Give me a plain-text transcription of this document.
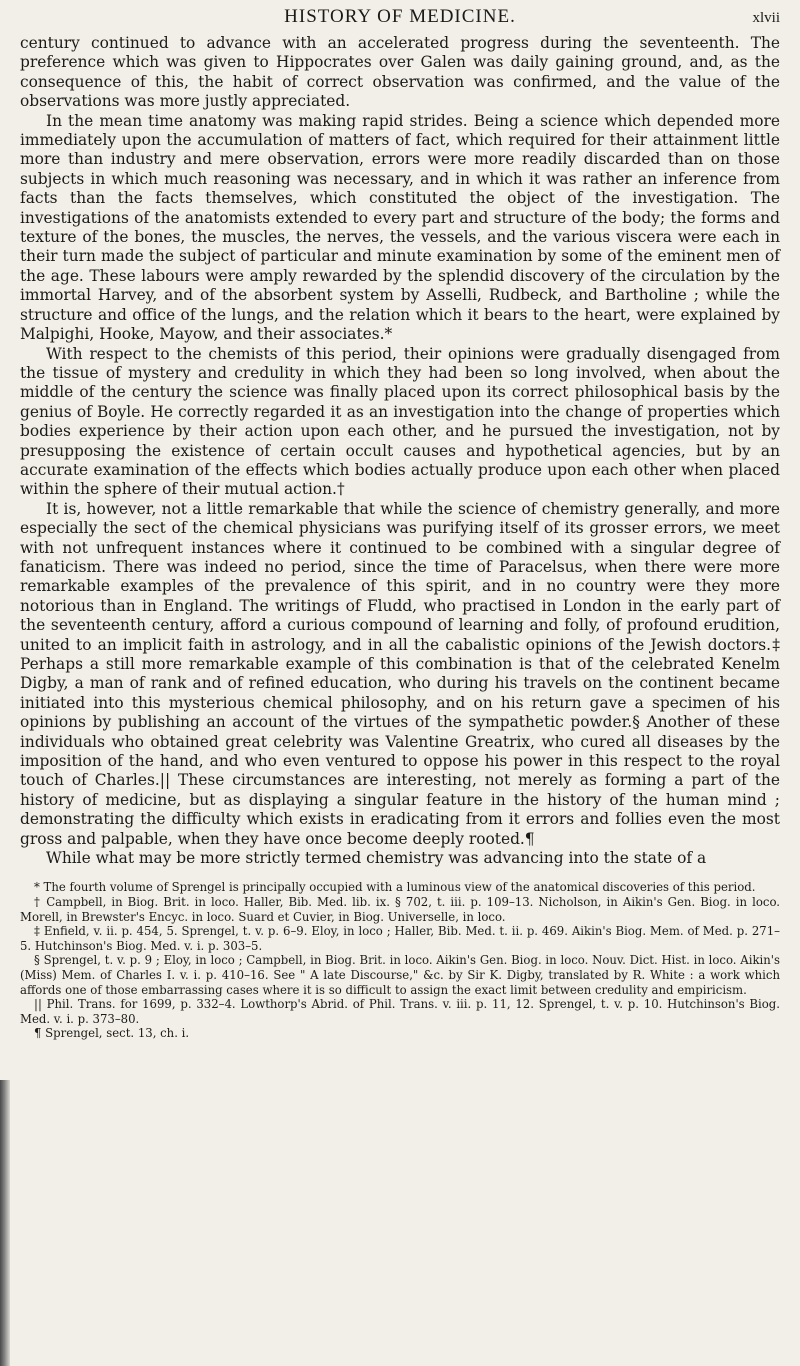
HISTORY OF MEDICINE.	xlvii

century continued to advance with an accelerated progress during the seventeenth. The preference which was given to Hippocrates over Galen was daily gaining ground, and, as the consequence of this, the habit of correct observation was confirmed, and the value of the observations was more justly appreciated.

In the mean time anatomy was making rapid strides. Being a science which depended more immediately upon the accumulation of matters of fact, which required for their attainment little more than industry and mere observation, errors were more readily discarded than on those subjects in which much reasoning was necessary, and in which it was rather an inference from facts than the facts themselves, which constituted the object of the investigation. The investigations of the anatomists extended to every part and structure of the body; the forms and texture of the bones, the muscles, the nerves, the vessels, and the various viscera were each in their turn made the subject of particular and minute examination by some of the eminent men of the age. These labours were amply rewarded by the splendid discovery of the circulation by the immortal Harvey, and of the absorbent system by Asselli, Rudbeck, and Bartholine ; while the structure and office of the lungs, and the relation which it bears to the heart, were explained by Malpighi, Hooke, Mayow, and their associates.*

With respect to the chemists of this period, their opinions were gradually disengaged from the tissue of mystery and credulity in which they had been so long involved, when about the middle of the century the science was finally placed upon its correct philosophical basis by the genius of Boyle. He correctly regarded it as an investigation into the change of properties which bodies experience by their action upon each other, and he pursued the investigation, not by presupposing the existence of certain occult causes and hypothetical agencies, but by an accurate examination of the effects which bodies actually produce upon each other when placed within the sphere of their mutual action.†

It is, however, not a little remarkable that while the science of chemistry generally, and more especially the sect of the chemical physicians was purifying itself of its grosser errors, we meet with not unfrequent instances where it continued to be combined with a singular degree of fanaticism. There was indeed no period, since the time of Paracelsus, when there were more remarkable examples of the prevalence of this spirit, and in no country were they more notorious than in England. The writings of Fludd, who practised in London in the early part of the seventeenth century, afford a curious compound of learning and folly, of profound erudition, united to an implicit faith in astrology, and in all the cabalistic opinions of the Jewish doctors.‡ Perhaps a still more remarkable example of this combination is that of the celebrated Kenelm Digby, a man of rank and of refined education, who during his travels on the continent became initiated into this mysterious chemical philosophy, and on his return gave a specimen of his opinions by publishing an account of the virtues of the sympathetic powder.§ Another of these individuals who obtained great celebrity was Valentine Greatrix, who cured all diseases by the imposition of the hand, and who even ventured to oppose his power in this respect to the royal touch of Charles.|| These circumstances are interesting, not merely as forming a part of the history of medicine, but as displaying a singular feature in the history of the human mind ; demonstrating the difficulty which exists in eradicating from it errors and follies even the most gross and palpable, when they have once become deeply rooted.¶

While what may be more strictly termed chemistry was advancing into the state of a

* The fourth volume of Sprengel is principally occupied with a luminous view of the anatomical discoveries of this period.

† Campbell, in Biog. Brit. in loco. Haller, Bib. Med. lib. ix. § 702, t. iii. p. 109–13. Nicholson, in Aikin's Gen. Biog. in loco. Morell, in Brewster's Encyc. in loco. Suard et Cuvier, in Biog. Universelle, in loco.

‡ Enfield, v. ii. p. 454, 5. Sprengel, t. v. p. 6–9. Eloy, in loco ; Haller, Bib. Med. t. ii. p. 469. Aikin's Biog. Mem. of Med. p. 271–5. Hutchinson's Biog. Med. v. i. p. 303–5.

§ Sprengel, t. v. p. 9 ; Eloy, in loco ; Campbell, in Biog. Brit. in loco. Aikin's Gen. Biog. in loco. Nouv. Dict. Hist. in loco. Aikin's (Miss) Mem. of Charles I. v. i. p. 410–16. See " A late Discourse," &c. by Sir K. Digby, translated by R. White : a work which affords one of those embarrassing cases where it is so difficult to assign the exact limit between credulity and empiricism.

|| Phil. Trans. for 1699, p. 332–4. Lowthorp's Abrid. of Phil. Trans. v. iii. p. 11, 12. Sprengel, t. v. p. 10. Hutchinson's Biog. Med. v. i. p. 373–80.

¶ Sprengel, sect. 13, ch. i.
